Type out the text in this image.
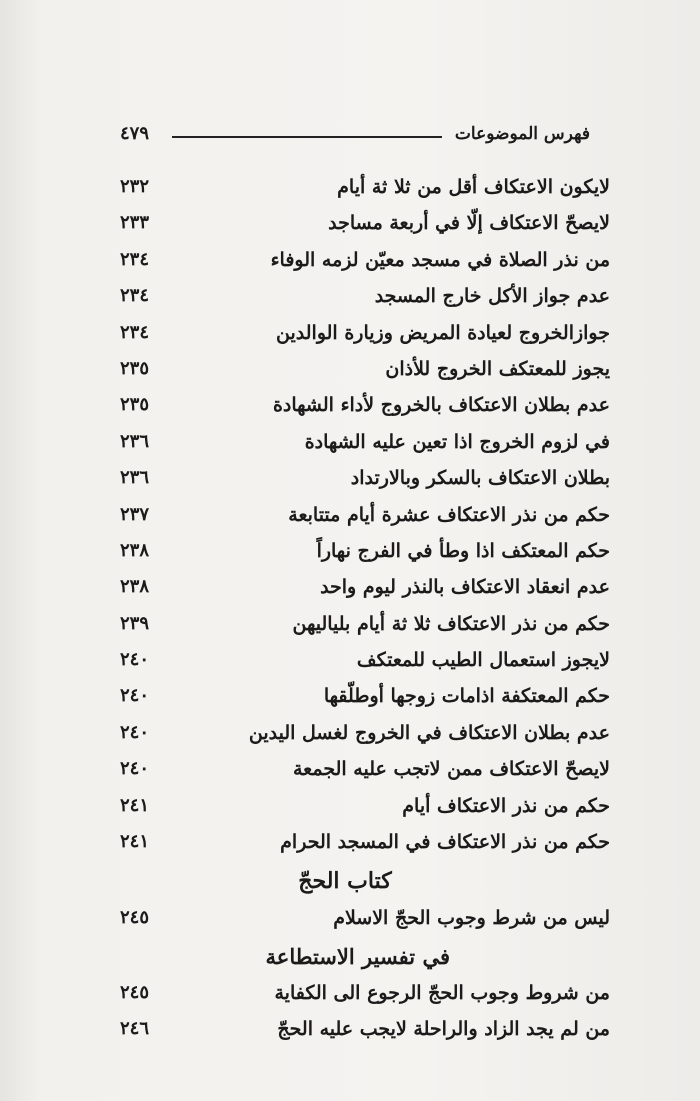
فهرس الموضوعات
٤٧٩
لايكون الاعتكاف أقل من ثلا ثة أيام
٢٣٢
لايصحّ الاعتكاف إلّا في أربعة مساجد
٢٣٣
من نذر الصلاة في مسجد معيّن لزمه الوفاء
٢٣٤
عدم جواز الأكل خارج المسجد
٢٣٤
جوازالخروج لعيادة المريض وزيارة الوالدين
٢٣٤
يجوز للمعتكف الخروج للأذان
٢٣٥
عدم بطلان الاعتكاف بالخروج لأداء الشهادة
٢٣٥
في لزوم الخروج اذا تعين عليه الشهادة
٢٣٦
بطلان الاعتكاف بالسكر وبالارتداد
٢٣٦
حكم من نذر الاعتكاف عشرة أيام متتابعة
٢٣٧
حكم المعتكف اذا وطأ في الفرج نهاراً
٢٣٨
عدم انعقاد الاعتكاف بالنذر ليوم واحد
٢٣٨
حكم من نذر الاعتكاف ثلا ثة أيام بلياليهن
٢٣٩
لايجوز استعمال الطيب للمعتكف
٢٤٠
حكم المعتكفة اذامات زوجها أوطلّقها
٢٤٠
عدم بطلان الاعتكاف في الخروج لغسل اليدين
٢٤٠
لايصحّ الاعتكاف ممن لاتجب عليه الجمعة
٢٤٠
حكم من نذر الاعتكاف أيام
٢٤١
حكم من نذر الاعتكاف في المسجد الحرام
٢٤١
كتاب الحجّ
ليس من شرط وجوب الحجّ الاسلام
٢٤٥
في تفسير الاستطاعة
من شروط وجوب الحجّ الرجوع الى الكفاية
٢٤٥
من لم يجد الزاد والراحلة لايجب عليه الحجّ
٢٤٦
